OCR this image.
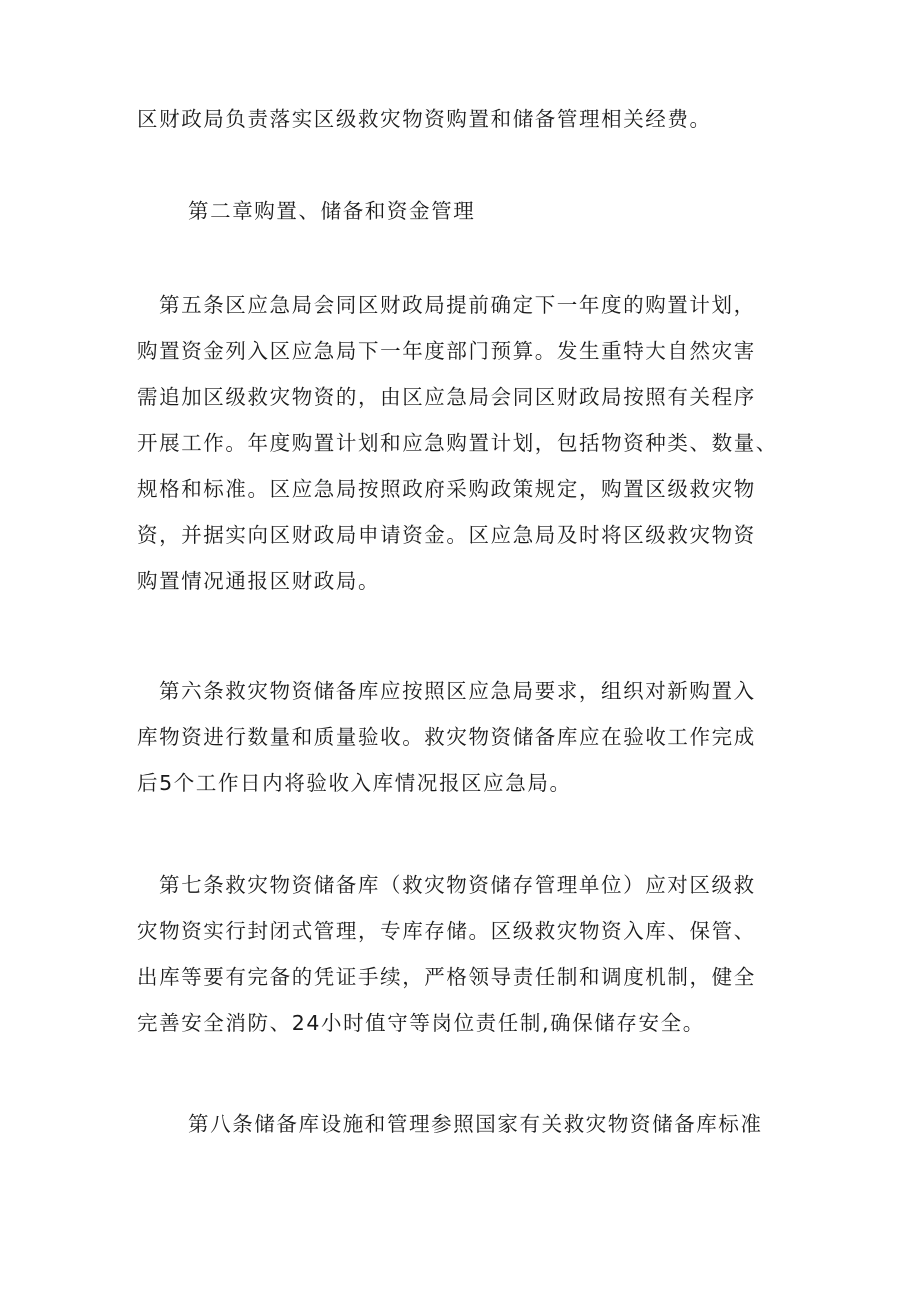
区财政局负责落实区级救灾物资购置和储备管理相关经费。

第二章购置、储备和资金管理

第五条区应急局会同区财政局提前确定下一年度的购置计划，
购置资金列入区应急局下一年度部门预算。发生重特大自然灾害
需追加区级救灾物资的，由区应急局会同区财政局按照有关程序
开展工作。年度购置计划和应急购置计划，包括物资种类、数量、
规格和标准。区应急局按照政府采购政策规定，购置区级救灾物
资，并据实向区财政局申请资金。区应急局及时将区级救灾物资
购置情况通报区财政局。

第六条救灾物资储备库应按照区应急局要求，组织对新购置入
库物资进行数量和质量验收。救灾物资储备库应在验收工作完成
后5个工作日内将验收入库情况报区应急局。

第七条救灾物资储备库（救灾物资储存管理单位）应对区级救
灾物资实行封闭式管理，专库存储。区级救灾物资入库、保管、
出库等要有完备的凭证手续，严格领导责任制和调度机制，健全
完善安全消防、24小时值守等岗位责任制,确保储存安全。

第八条储备库设施和管理参照国家有关救灾物资储备库标准
